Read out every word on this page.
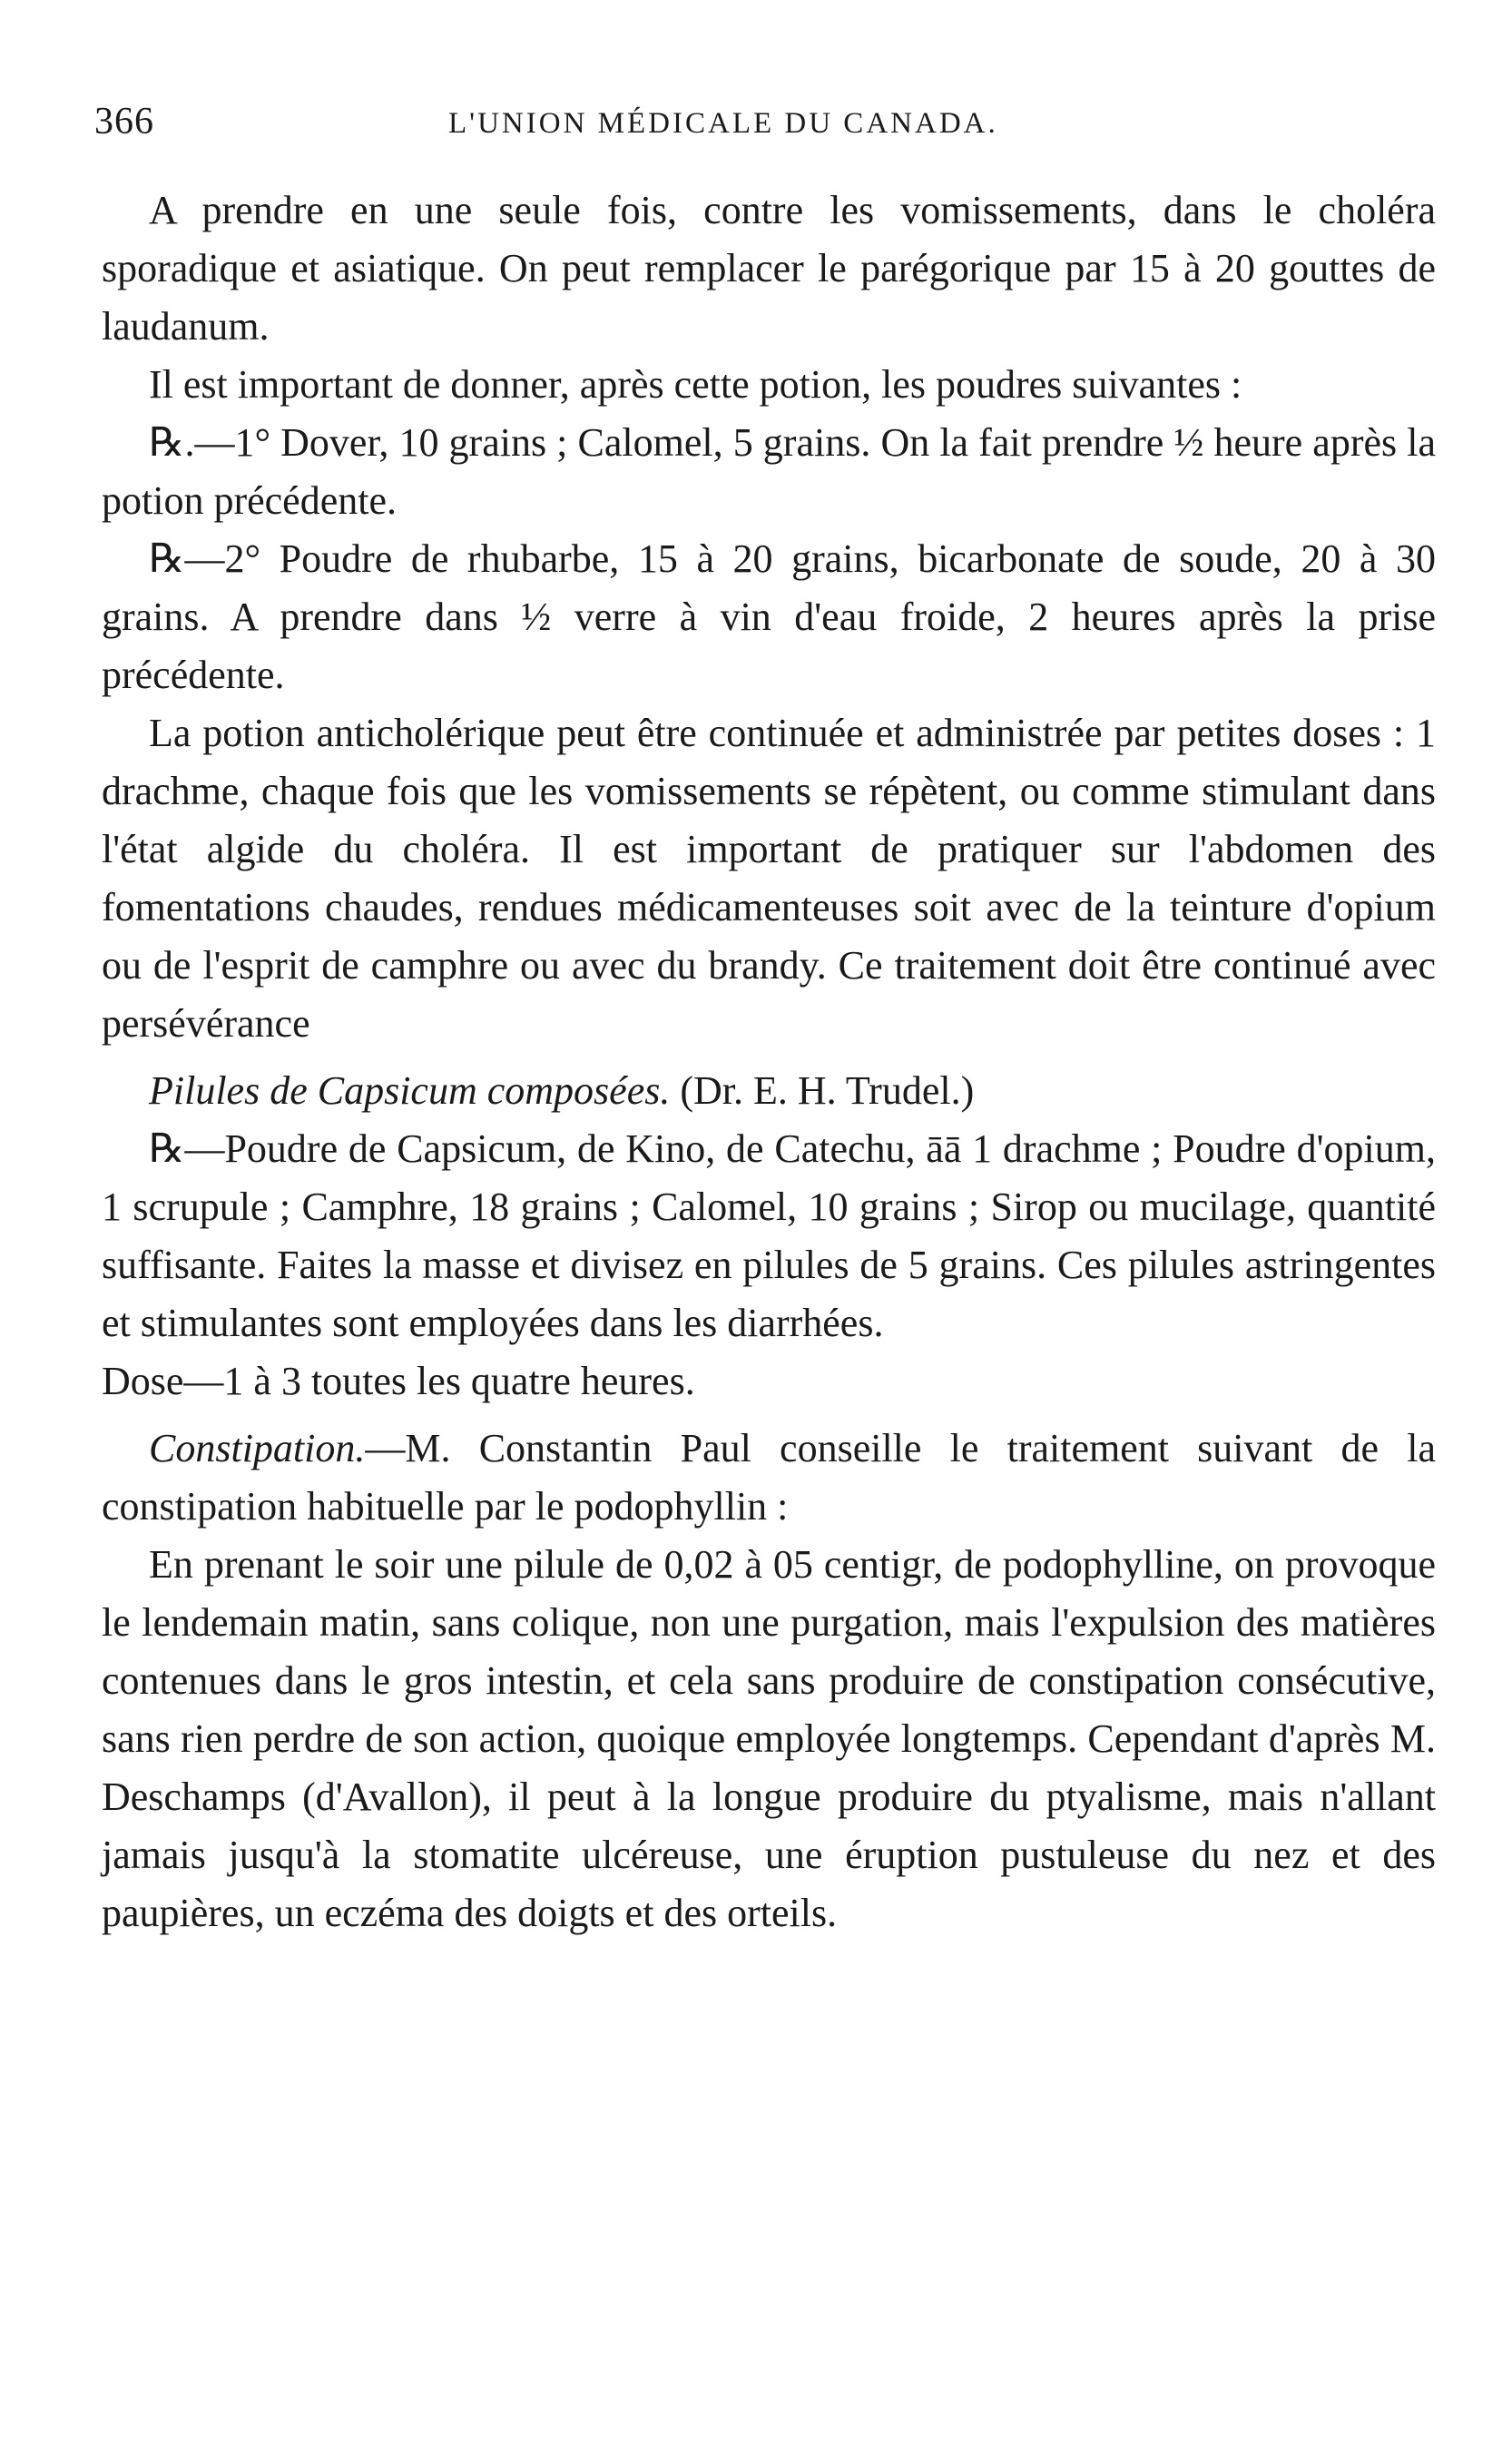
366	L'UNION MÉDICALE DU CANADA.

A prendre en une seule fois, contre les vomissements, dans le choléra sporadique et asiatique. On peut remplacer le parégorique par 15 à 20 gouttes de laudanum.

Il est important de donner, après cette potion, les poudres suivantes :

℞.—1° Dover, 10 grains ; Calomel, 5 grains. On la fait prendre ½ heure après la potion précédente.

℞—2° Poudre de rhubarbe, 15 à 20 grains, bicarbonate de soude, 20 à 30 grains. A prendre dans ½ verre à vin d'eau froide, 2 heures après la prise précédente.

La potion anticholérique peut être continuée et administrée par petites doses : 1 drachme, chaque fois que les vomissements se répètent, ou comme stimulant dans l'état algide du choléra. Il est important de pratiquer sur l'abdomen des fomentations chaudes, rendues médicamenteuses soit avec de la teinture d'opium ou de l'esprit de camphre ou avec du brandy. Ce traitement doit être continué avec persévérance

Pilules de Capsicum composées. (Dr. E. H. Trudel.)

℞—Poudre de Capsicum, de Kino, de Catechu, āā 1 drachme ; Poudre d'opium, 1 scrupule ; Camphre, 18 grains ; Calomel, 10 grains ; Sirop ou mucilage, quantité suffisante. Faites la masse et divisez en pilules de 5 grains. Ces pilules astringentes et stimulantes sont employées dans les diarrhées.

Dose—1 à 3 toutes les quatre heures.

Constipation.—M. Constantin Paul conseille le traitement suivant de la constipation habituelle par le podophyllin :

En prenant le soir une pilule de 0,02 à 05 centigr, de podophylline, on provoque le lendemain matin, sans colique, non une purgation, mais l'expulsion des matières contenues dans le gros intestin, et cela sans produire de constipation consécutive, sans rien perdre de son action, quoique employée longtemps. Cependant d'après M. Deschamps (d'Avallon), il peut à la longue produire du ptyalisme, mais n'allant jamais jusqu'à la stomatite ulcéreuse, une éruption pustuleuse du nez et des paupières, un eczéma des doigts et des orteils.
